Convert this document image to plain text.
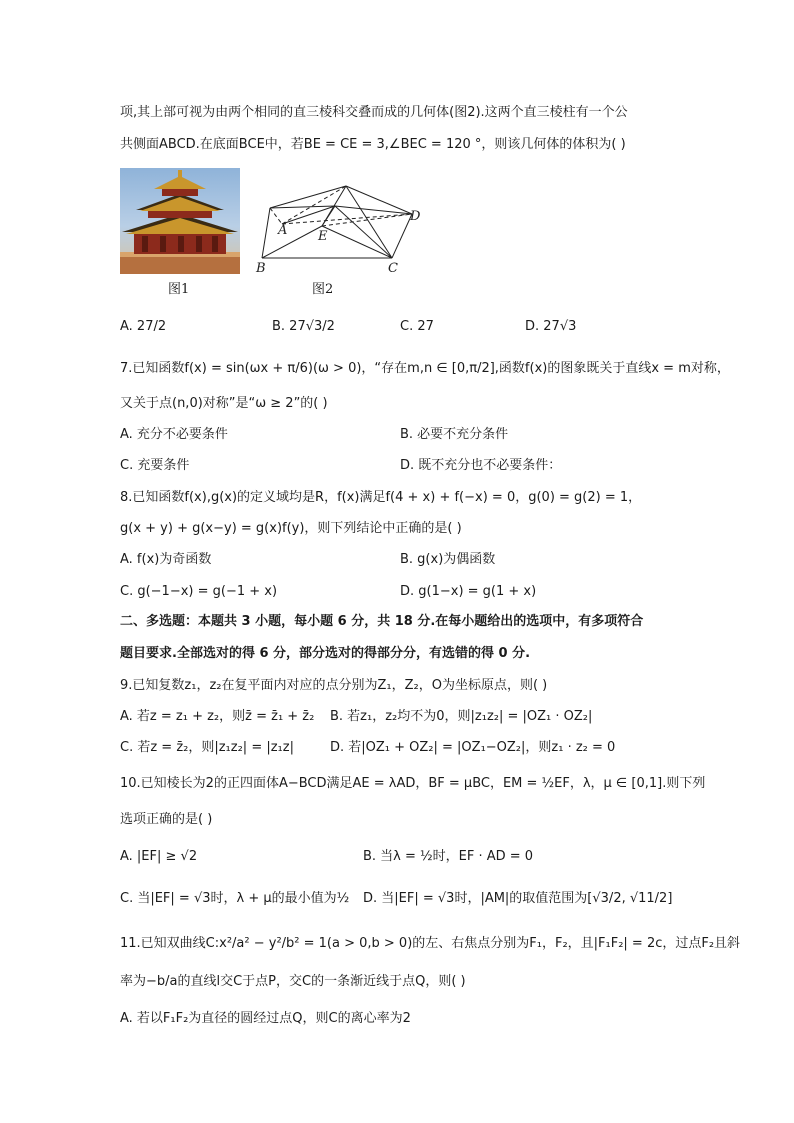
项,其上部可视为由两个相同的直三棱科交叠而成的几何体(图2).这两个直三棱柱有一个公
共侧面ABCD.在底面BCE中，若BE = CE = 3,∠BEC = 120 °，则该几何体的体积为( )
图1
A
B	C
D
E
图2
A. 27/2	B. 27√3/2	C. 27	D. 27√3
7.已知函数f(x) = sin(ωx + π/6)(ω > 0)，“存在m,n ∈ [0,π/2],函数f(x)的图象既关于直线x = m对称，
又关于点(n,0)对称”是“ω ≥ 2”的( )
A. 充分不必要条件	B. 必要不充分条件
C. 充要条件	D. 既不充分也不必要条件：
8.已知函数f(x),g(x)的定义域均是R，f(x)满足f(4 + x) + f(−x) = 0，g(0) = g(2) = 1，
g(x + y) + g(x−y) = g(x)f(y)，则下列结论中正确的是( )
A. f(x)为奇函数	B. g(x)为偶函数
C. g(−1−x) = g(−1 + x)	D. g(1−x) = g(1 + x)
二、多选题：本题共 3 小题，每小题 6 分，共 18 分.在每小题给出的选项中，有多项符合
题目要求.全部选对的得 6 分，部分选对的得部分分，有选错的得 0 分.
9.已知复数z₁，z₂在复平面内对应的点分别为Z₁，Z₂，O为坐标原点，则( )
A. 若z = z₁ + z₂，则z̄ = z̄₁ + z̄₂ B. 若z₁，z₂均不为0，则|z₁z₂| = |OZ₁ · OZ₂|
C. 若z = z̄₂，则|z₁z₂| = |z₁z|	D. 若|OZ₁ + OZ₂| = |OZ₁−OZ₂|，则z₁ · z₂ = 0
10.已知棱长为2的正四面体A−BCD满足AE = λAD，BF = μBC，EM = ½EF，λ，μ ∈ [0,1].则下列
选项正确的是( )
A. |EF| ≥ √2	B. 当λ = ½时，EF · AD = 0
C. 当|EF| = √3时，λ + μ的最小值为½ D. 当|EF| = √3时，|AM|的取值范围为[√3/2, √11/2]
11.已知双曲线C:x²/a² − y²/b² = 1(a > 0,b > 0)的左、右焦点分别为F₁，F₂，且|F₁F₂| = 2c，过点F₂且斜
率为−b/a的直线l交C于点P，交C的一条渐近线于点Q，则( )
A. 若以F₁F₂为直径的圆经过点Q，则C的离心率为2
